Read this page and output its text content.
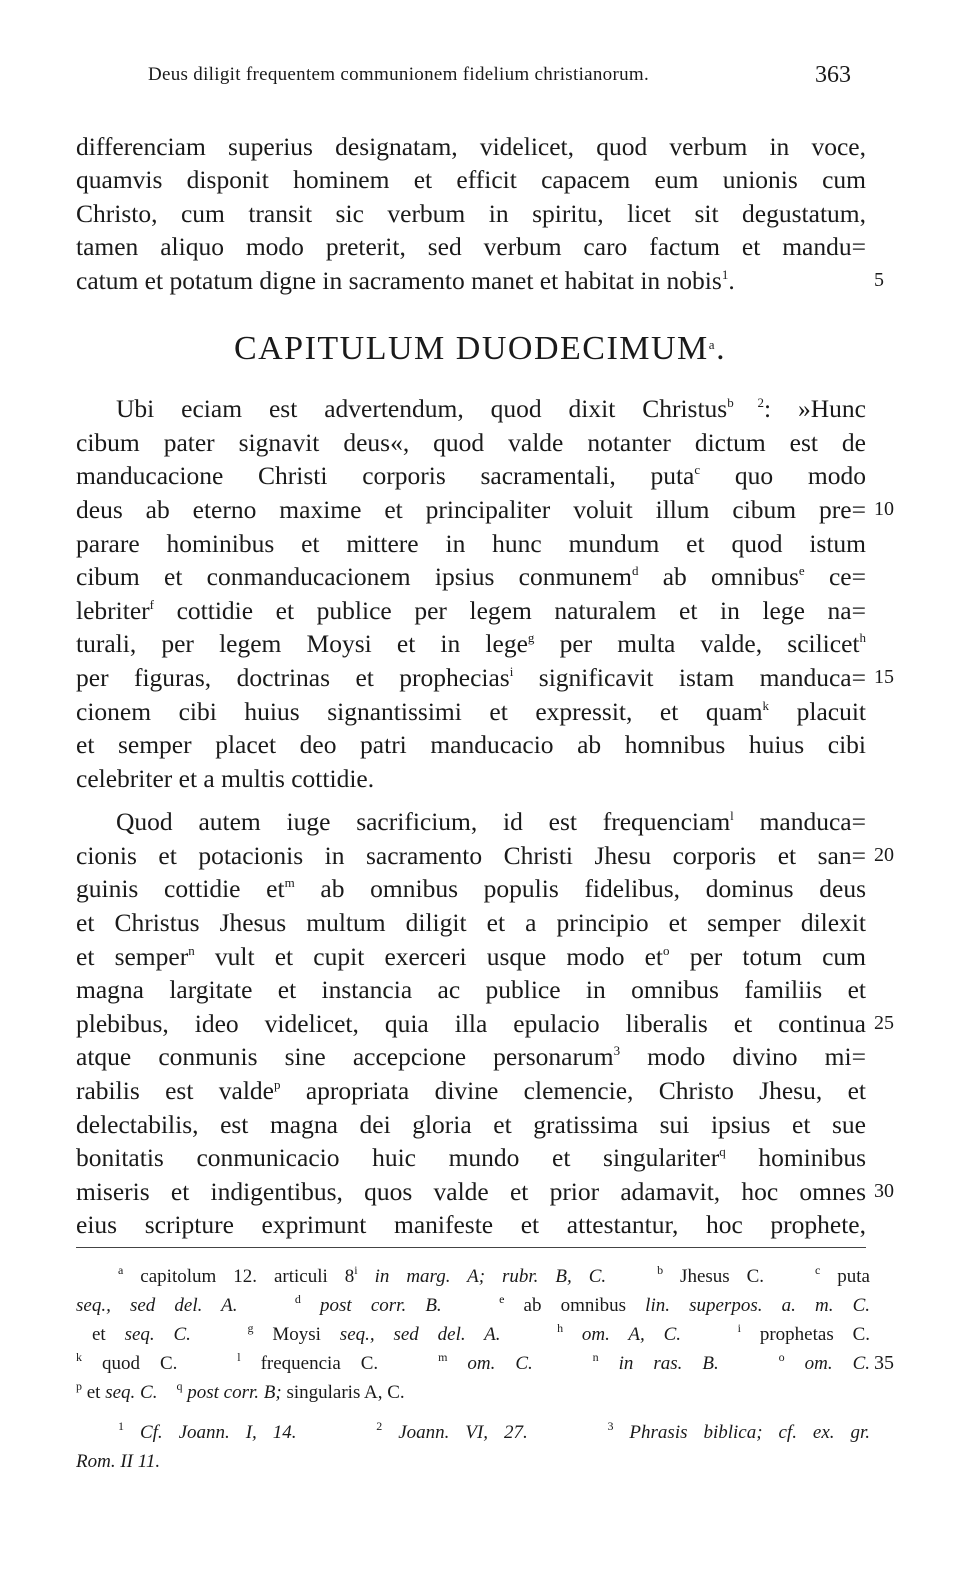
Deus diligit frequentem communionem fidelium christianorum.	363
differenciam superius designatam, videlicet, quod verbum in voce,
quamvis disponit hominem et efficit capacem eum unionis cum
Christo, cum transit sic verbum in spiritu, licet sit degustatum,
tamen aliquo modo preterit, sed verbum caro factum et mandu=
catum et potatum digne in sacramento manet et habitat in nobis$^1$.	5
CAPITULUM DUODECIMUM$^a$.
Ubi eciam est advertendum, quod dixit Christus$^{b 2}$: »Hunc
cibum pater signavit deus«, quod valde notanter dictum est de
manducacione Christi corporis sacramentali, puta$^c$ quo modo
deus ab eterno maxime et principaliter voluit illum cibum pre= 10
parare hominibus et mittere in hunc mundum et quod istum
cibum et conmanducacionem ipsius conmunem$^d$ ab omnibus$^e$ ce=
lebriter$^f$ cottidie et publice per legem naturalem et in lege na=
turali, per legem Moysi et in lege$^g$ per multa valde, scilicet$^h$
per figuras, doctrinas et prophecias$^i$ significavit istam manduca= 15
cionem cibi huius signantissimi et expressit, et quam$^k$ placuit
et semper placet deo patri manducacio ab homnibus huius cibi
celebriter et a multis cottidie.
Quod autem iuge sacrificium, id est frequenciam$^l$ manduca=
cionis et potacionis in sacramento Christi Jhesu corporis et san= 20
guinis cottidie $et^m$ ab omnibus populis fidelibus, dominus deus
et Christus Jhesus multum diligit et a principio et semper dilexit
et semper$^n$ vult et cupit exerceri usque modo $et^o$ per totum cum
magna largitate et instancia ac publice in omnibus familiis et
plebibus, ideo videlicet, quia illa epulacio liberalis et continua 25
atque conmunis sine accepcione personarum$^3$ modo divino mi=
rabilis est valde$^p$ apropriata divine clemencie, Christo Jhesu, et
delectabilis, est magna dei gloria et gratissima sui ipsius et sue
bonitatis conmunicacio huic mundo et singulariter$^q$ hominibus
miseris et indigentibus, quos valde et prior adamavit, hoc omnes 30
eius scripture exprimunt manifeste et attestantur, hoc prophete,
$^a$ capitolum 12. articuli 8$^i$ in marg. A; rubr. B, C.	$^b$ Jhesus C.	$^c$ puta
seq., sed del. A.	$^d$ post corr. B.	$^e$ ab omnibus lin. superpos. a. m. C.
et seq. C.	$^g$ Moysi seq., sed del. A.	$^h$ om. A, C.	$^i$ prophetas C.
$^k$ quod C.	$^l$ frequencia C.	$^m$ om. C.	$^n$ in ras. B.	$^o$ om. C. 35
$^p$ et seq. C. $^q$ post corr. B; singularis A, C.
$^1$ Cf. Joann. I, 14.	$^2$ Joann. VI, 27.	$^3$ Phrasis biblica; cf. ex. gr.
Rom. II 11.
